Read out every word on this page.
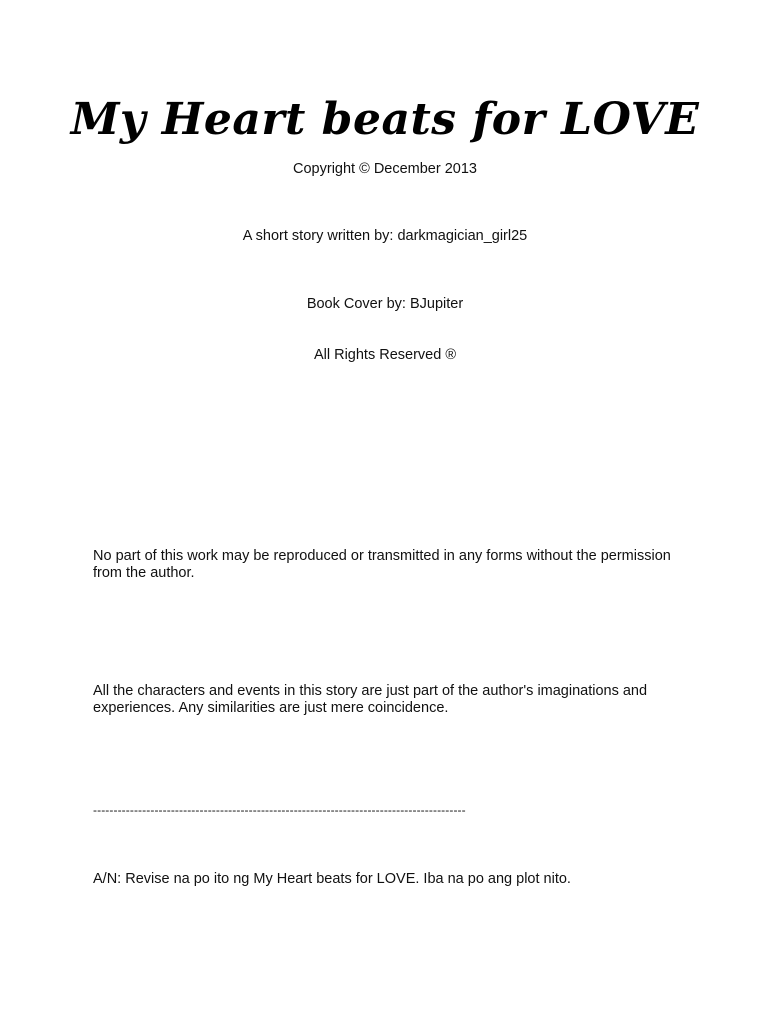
My Heart beats for LOVE
Copyright © December 2013
A short story written by: darkmagician_girl25
Book Cover by: BJupiter
All Rights Reserved ®
No part of this work may be reproduced or transmitted in any forms without the permission from the author.
All the characters and events in this story are just part of the author's imaginations and experiences. Any similarities are just mere coincidence.
-------------------------------------------------------------------------------------------
A/N: Revise na po ito ng My Heart beats for LOVE. Iba na po ang plot nito.
